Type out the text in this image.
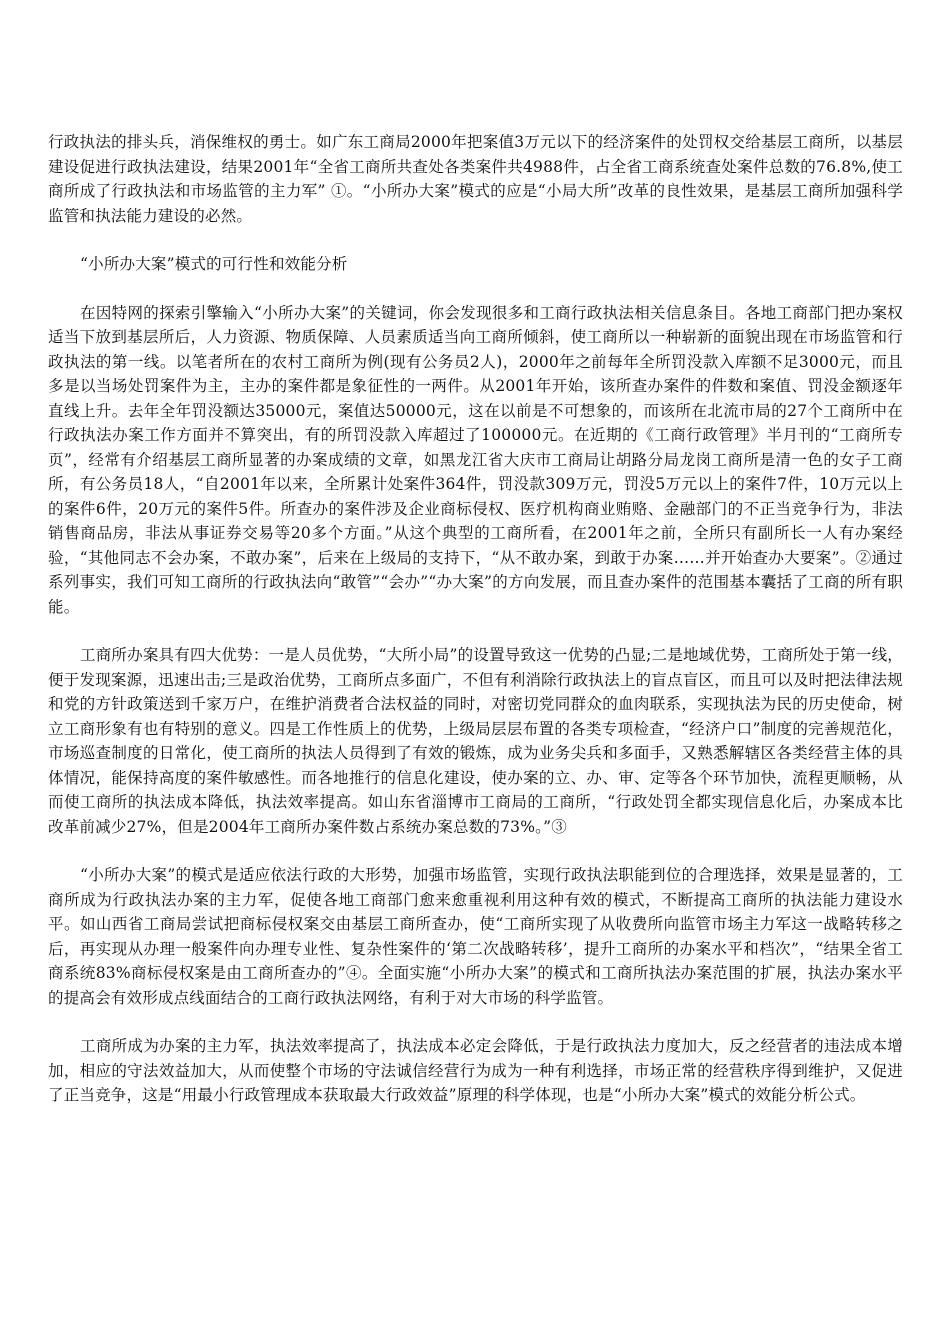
行政执法的排头兵，消保维权的勇士。如广东工商局2000年把案值3万元以下的经济案件的处罚权交给基层工商所，以基层建设促进行政执法建设，结果2001年“全省工商所共查处各类案件共4988件，占全省工商系统查处案件总数的76.8%,使工商所成了行政执法和市场监管的主力军” ①。“小所办大案”模式的应是“小局大所”改革的良性效果，是基层工商所加强科学监管和执法能力建设的必然。

“小所办大案”模式的可行性和效能分析

在因特网的探索引擎输入“小所办大案”的关键词，你会发现很多和工商行政执法相关信息条目。各地工商部门把办案权适当下放到基层所后，人力资源、物质保障、人员素质适当向工商所倾斜，使工商所以一种崭新的面貌出现在市场监管和行政执法的第一线。以笔者所在的农村工商所为例(现有公务员2人)，2000年之前每年全所罚没款入库额不足3000元，而且多是以当场处罚案件为主，主办的案件都是象征性的一两件。从2001年开始，该所查办案件的件数和案值、罚没金额逐年直线上升。去年全年罚没额达35000元，案值达50000元，这在以前是不可想象的，而该所在北流市局的27个工商所中在行政执法办案工作方面并不算突出，有的所罚没款入库超过了100000元。在近期的《工商行政管理》半月刊的“工商所专页”，经常有介绍基层工商所显著的办案成绩的文章，如黑龙江省大庆市工商局让胡路分局龙岗工商所是清一色的女子工商所，有公务员18人，“自2001年以来，全所累计处案件364件，罚没款309万元，罚没5万元以上的案件7件，10万元以上的案件6件，20万元的案件5件。所查办的案件涉及企业商标侵权、医疗机构商业贿赂、金融部门的不正当竞争行为，非法销售商品房，非法从事证券交易等20多个方面。”从这个典型的工商所看，在2001年之前，全所只有副所长一人有办案经验，“其他同志不会办案，不敢办案”，后来在上级局的支持下，“从不敢办案，到敢于办案……并开始查办大要案”。②通过系列事实，我们可知工商所的行政执法向“敢管”“会办”“办大案”的方向发展，而且查办案件的范围基本囊括了工商的所有职能。

工商所办案具有四大优势：一是人员优势，“大所小局”的设置导致这一优势的凸显;二是地域优势，工商所处于第一线，便于发现案源，迅速出击;三是政治优势，工商所点多面广，不但有利消除行政执法上的盲点盲区，而且可以及时把法律法规和党的方针政策送到千家万户，在维护消费者合法权益的同时，对密切党同群众的血肉联系，实现执法为民的历史使命，树立工商形象有也有特别的意义。四是工作性质上的优势，上级局层层布置的各类专项检查，“经济户口”制度的完善规范化，市场巡查制度的日常化，使工商所的执法人员得到了有效的锻炼，成为业务尖兵和多面手，又熟悉解辖区各类经营主体的具体情况，能保持高度的案件敏感性。而各地推行的信息化建设，使办案的立、办、审、定等各个环节加快，流程更顺畅，从而使工商所的执法成本降低，执法效率提高。如山东省淄博市工商局的工商所，“行政处罚全都实现信息化后，办案成本比改革前减少27%，但是2004年工商所办案件数占系统办案总数的73%。”③

“小所办大案”的模式是适应依法行政的大形势，加强市场监管，实现行政执法职能到位的合理选择，效果是显著的，工商所成为行政执法办案的主力军，促使各地工商部门愈来愈重视利用这种有效的模式，不断提高工商所的执法能力建设水平。如山西省工商局尝试把商标侵权案交由基层工商所查办，使“工商所实现了从收费所向监管市场主力军这一战略转移之后，再实现从办理一般案件向办理专业性、复杂性案件的‘第二次战略转移’，提升工商所的办案水平和档次”，“结果全省工商系统83%商标侵权案是由工商所查办的”④。全面实施“小所办大案”的模式和工商所执法办案范围的扩展，执法办案水平的提高会有效形成点线面结合的工商行政执法网络，有利于对大市场的科学监管。

工商所成为办案的主力军，执法效率提高了，执法成本必定会降低，于是行政执法力度加大，反之经营者的违法成本增加，相应的守法效益加大，从而使整个市场的守法诚信经营行为成为一种有利选择，市场正常的经营秩序得到维护，又促进了正当竞争，这是“用最小行政管理成本获取最大行政效益”原理的科学体现，也是“小所办大案”模式的效能分析公式。
